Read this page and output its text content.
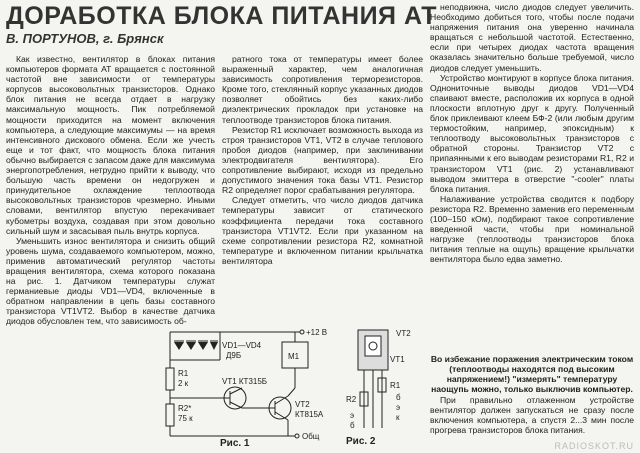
ДОРАБОТКА БЛОКА ПИТАНИЯ АТ
В. ПОРТУНОВ, г. Брянск

Как известно, вентилятор в блоках питания компьютеров формата АТ вращается с постоянной частотой вне зависимости от температуры корпусов высоковольтных транзисторов. Однако блок питания не всегда отдает в нагрузку максимальную мощность. Пик потребляемой мощности приходится на момент включения компьютера, а следующие максимумы — на время интенсивного дискового обмена. Если же учесть еще и тот факт, что мощность блока питания обычно выбирается с запасом даже для максимума энергопотребления, нетрудно прийти к выводу, что большую часть времени он недогружен и принудительное охлаждение теплоотвода высоковольтных транзисторов чрезмерно. Иными словами, вентилятор впустую перекачивает кубометры воздуха, создавая при этом довольно сильный шум и засасывая пыль внутрь корпуса.

Уменьшить износ вентилятора и снизить общий уровень шума, создаваемого компьютером, можно, применив автоматический регулятор частоты вращения вентилятора, схема которого показана на рис. 1. Датчиком температуры служат германиевые диоды VD1—VD4, включенные в обратном направлении в цепь базы составного транзистора VT1VT2. Выбор в качестве датчика диодов обусловлен тем, что зависимость об-

ратного тока от температуры имеет более выраженный характер, чем аналогичная зависимость сопротивления терморезисторов. Кроме того, стеклянный корпус указанных диодов позволяет обойтись без каких-либо диэлектрических прокладок при установке на теплоотводе транзисторов блока питания.

Резистор R1 исключает возможность выхода из строя транзисторов VT1, VT2 в случае теплового пробоя диодов (например, при заклинивании электродвигателя вентилятора). Его сопротивление выбирают, исходя из предельно допустимого значения тока базы VT1. Резистор R2 определяет порог срабатывания регулятора.

Следует отметить, что число диодов датчика температуры зависит от статического коэффициента передачи тока составного транзистора VT1VT2. Если при указанном на схеме сопротивлении резистора R2, комнатной температуре и включенном питании крыльчатка вентилятора

неподвижна, число диодов следует увеличить. Необходимо добиться того, чтобы после подачи напряжения питания она уверенно начинала вращаться с небольшой частотой. Естественно, если при четырех диодах частота вращения оказалась значительно больше требуемой, число диодов следует уменьшить.

Устройство монтируют в корпусе блока питания. Однониточные выводы диодов VD1—VD4 спаивают вместе, расположив их корпуса в одной плоскости вплотную друг к другу. Полученный блок приклеивают клеем БФ-2 (или любым другим термостойким, например, эпоксидным) к теплоотводу высоковольтных транзисторов с обратной стороны. Транзистор VT2 с припаянными к его выводам резисторами R1, R2 и транзистором VT1 (рис. 2) устанавливают выводом эмиттера в отверстие "-cooler" платы блока питания.

Налаживание устройства сводится к подбору резистора R2. Временно заменив его переменным (100–150 кОм), подбирают такое сопротивление введенной части, чтобы при номинальной нагрузке (теплоотводы транзисторов блока питания теплые на ощупь) вращение крыльчатки вентилятора было едва заметно.

Во избежание поражения электрическим током (теплоотводы находятся под высоким напряжением!) "измерять" температуру наощупь можно, только выключив компьютер.

При правильно отлаженном устройстве вентилятор должен запускаться не сразу после включения компьютера, а спустя 2...3 мин после прогрева транзисторов блока питания.

+12 В
VD1—VD4
Д9Б	M1
R1
2 к
R2*
75 к
VT1 КТ315Б
VT2
КТ815А
Рис. 1
Общ
VT2
R1
R2
VT1
б
э
к
э
б
Рис. 2	RADIOSKOT.RU
